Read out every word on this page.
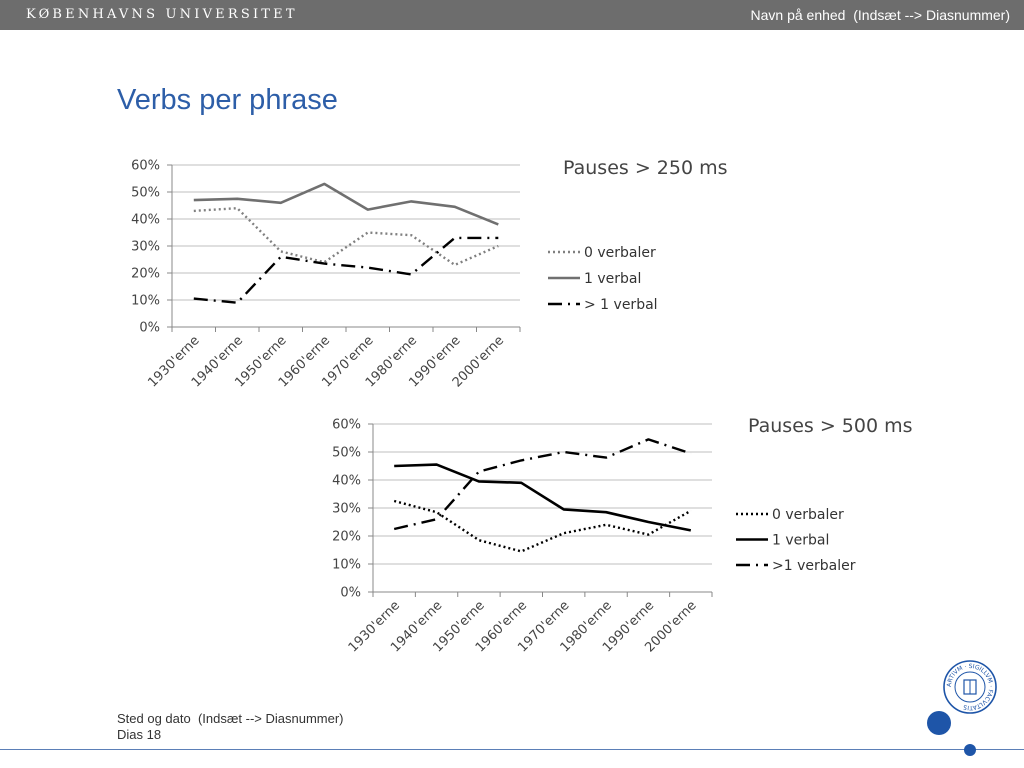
KØBENHAVNS UNIVERSITET	Navn på enhed  (Indsæt --> Diasnummer)
Verbs per phrase
0%
10%
20%
30%
40%
50%
60%
1930'erne
1940'erne
1950'erne
1960'erne
1970'erne
1980'erne
1990'erne
2000'erne
0 verbaler
1 verbal
> 1 verbal
Pauses > 250 ms
0%
10%
20%
30%
40%
50%
60%
1930'erne
1940'erne
1950'erne
1960'erne
1970'erne
1980'erne
1990'erne
2000'erne
0 verbaler
1 verbal
>1 verbaler
Pauses > 500 ms
Sted og dato  (Indsæt --> Diasnummer)
Dias 18
ARTIVM · SIGILLVM · FACVLTATIS
